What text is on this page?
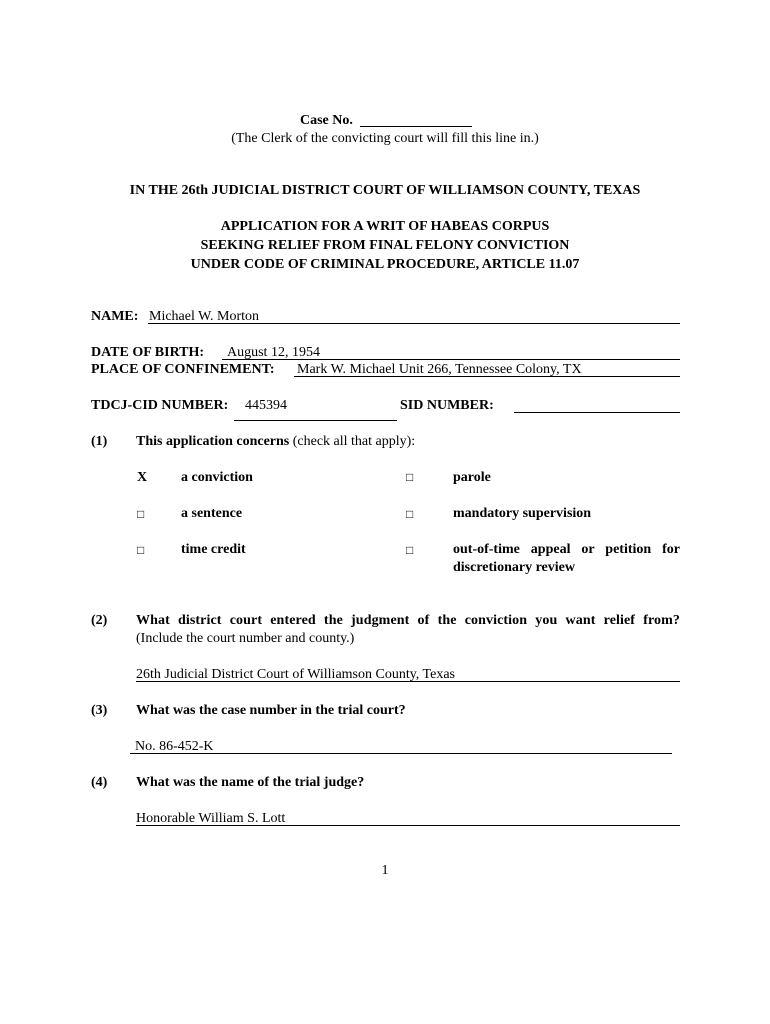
Case No.
(The Clerk of the convicting court will fill this line in.)
IN THE 26th JUDICIAL DISTRICT COURT OF WILLIAMSON COUNTY, TEXAS
APPLICATION FOR A WRIT OF HABEAS CORPUS
SEEKING RELIEF FROM FINAL FELONY CONVICTION
UNDER CODE OF CRIMINAL PROCEDURE, ARTICLE 11.07
NAME: Michael W. Morton
DATE OF BIRTH: August 12, 1954
PLACE OF CONFINEMENT: Mark W. Michael Unit 266, Tennessee Colony, TX
TDCJ-CID NUMBER: 445394	SID NUMBER:
(1) This application concerns (check all that apply):
X a conviction	□	parole
□	a sentence	□	mandatory supervision
□	time credit	□	out-of-time appeal or petition for
discretionary review
(2) What district court entered the judgment of the conviction you want relief from?
(Include the court number and county.)
26th Judicial District Court of Williamson County, Texas
(3) What was the case number in the trial court?
No. 86-452-K
(4) What was the name of the trial judge?
Honorable William S. Lott
1
